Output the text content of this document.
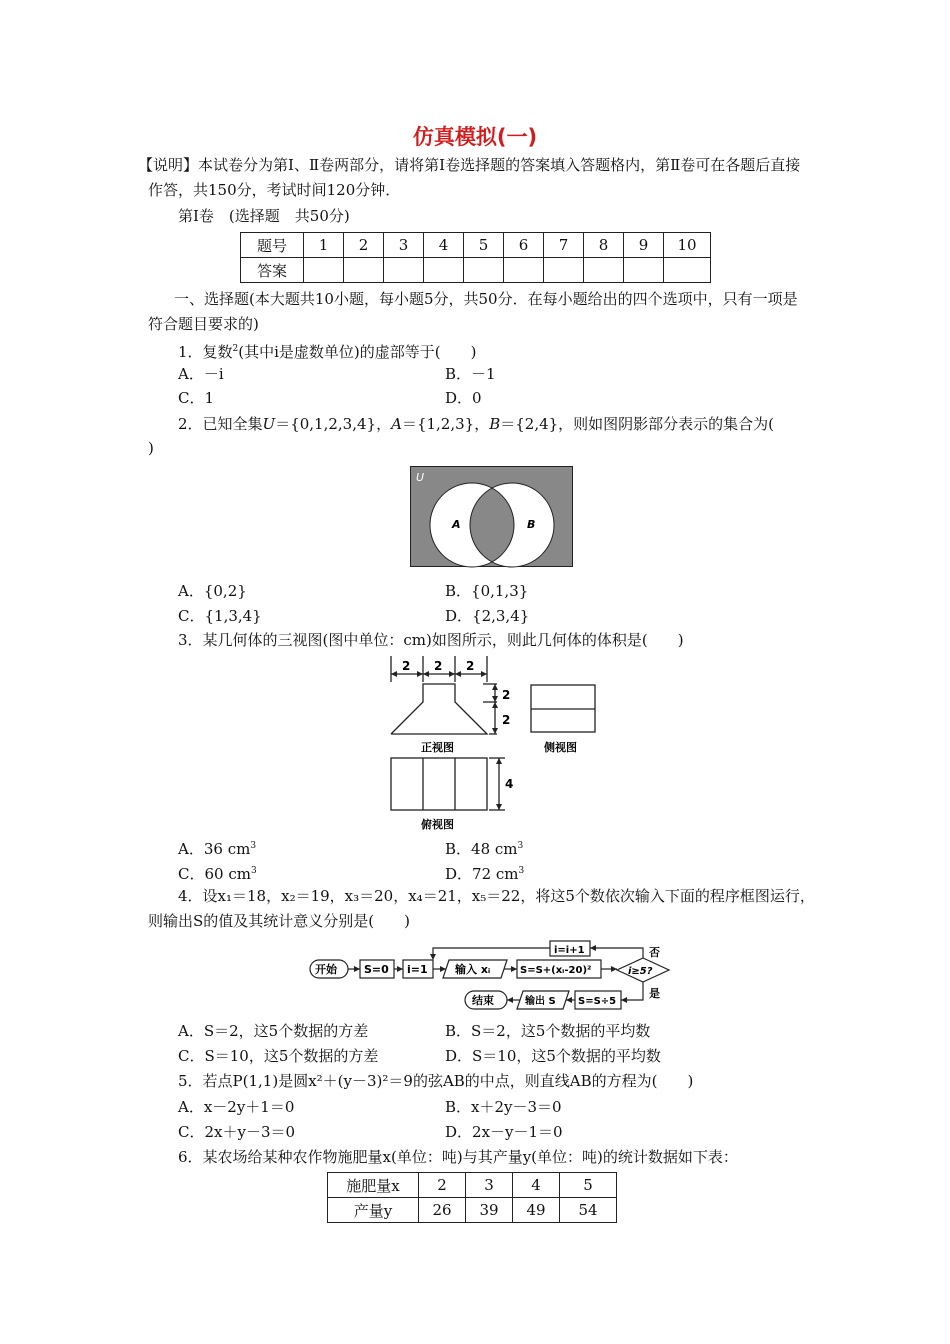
仿真模拟(一)
【说明】本试卷分为第Ⅰ、Ⅱ卷两部分，请将第Ⅰ卷选择题的答案填入答题格内，第Ⅱ卷可在各题后直接作答，共150分，考试时间120分钟．
第Ⅰ卷　(选择题　共50分)
题号	1	2	3	4	5	6	7	8	9	10
答案										
一、选择题(本大题共10小题，每小题5分，共50分．在每小题给出的四个选项中，只有一项是符合题目要求的)
1．复数$^2$(其中i是虚数单位)的虚部等于(　　)
A．－i	B．－1
C．1	D．0
2．已知全集U＝{0,1,2,3,4}，A＝{1,2,3}，B＝{2,4}，则如图阴影部分表示的集合为(
)
U
A	B
A．{0,2}	B．{0,1,3}
C．{1,3,4}	D．{2,3,4}
3．某几何体的三视图(图中单位：cm)如图所示，则此几何体的体积是(　　)
2 2 2
2
2
4
正视图	侧视图
俯视图
A．36 $cm^3$	B．48 $cm^3$
C．60 $cm^3$	D．72 $cm^3$
4．设x₁＝18，x₂＝19，x₃＝20，x₄＝21，x₅＝22，将这5个数依次输入下面的程序框图运行，
则输出S的值及其统计意义分别是(　　)
开始 S=0 i=1 输入 xᵢ	S=S+(xᵢ-20)²	i≥5?
i=i+1	否
是
S=S÷5
输出 S
结束
A．S＝2，这5个数据的方差	B．S＝2，这5个数据的平均数
C．S＝10，这5个数据的方差	D．S＝10，这5个数据的平均数
5．若点P(1,1)是圆x²＋(y－3)²＝9的弦AB的中点，则直线AB的方程为(　　)
A．x－2y＋1＝0	B．x＋2y－3＝0
C．2x＋y－3＝0	D．2x－y－1＝0
6．某农场给某种农作物施肥量x(单位：吨)与其产量y(单位：吨)的统计数据如下表：
施肥量x	2	3	4	5
产量y	26	39	49	54
